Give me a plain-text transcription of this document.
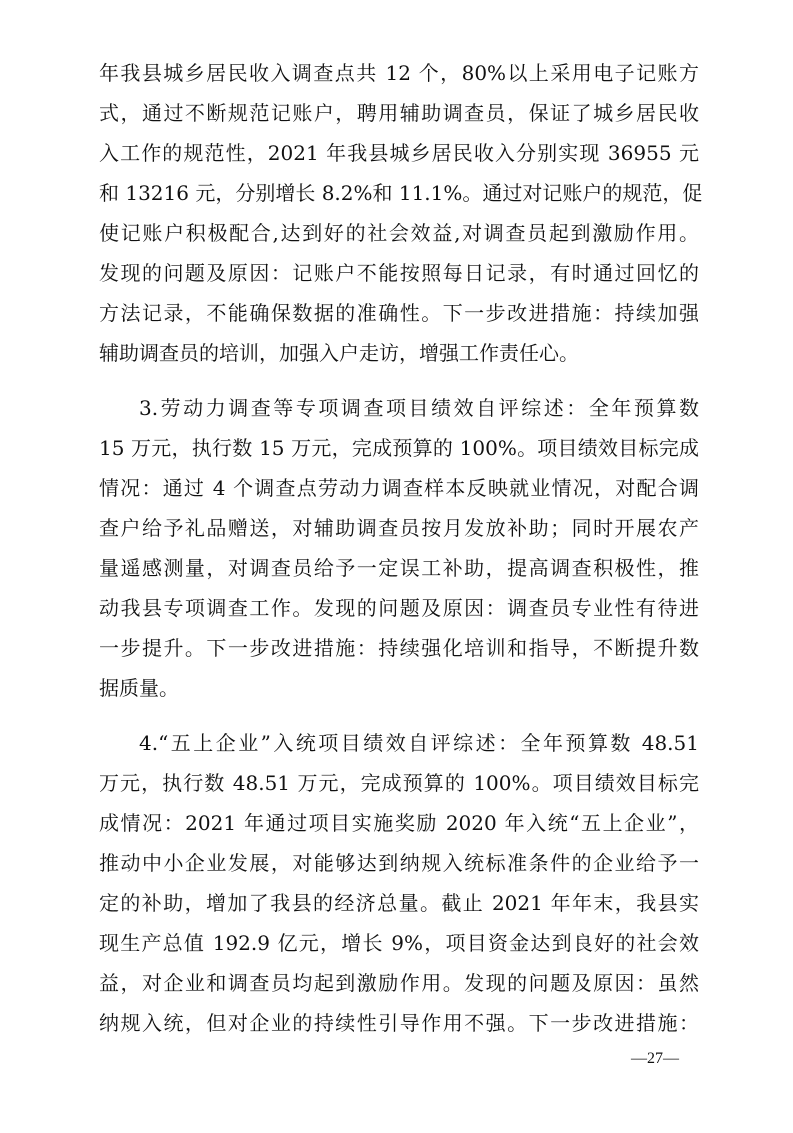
年我县城乡居民收入调查点共 12 个，80%以上采用电子记账方
式，通过不断规范记账户，聘用辅助调查员，保证了城乡居民收
入工作的规范性，2021 年我县城乡居民收入分别实现 36955 元
和 13216 元，分别增长 8.2%和 11.1%。通过对记账户的规范，促
使记账户积极配合,达到好的社会效益,对调查员起到激励作用。
发现的问题及原因：记账户不能按照每日记录，有时通过回忆的
方法记录，不能确保数据的准确性。下一步改进措施：持续加强
辅助调查员的培训，加强入户走访，增强工作责任心。
3.劳动力调查等专项调查项目绩效自评综述：全年预算数
15 万元，执行数 15 万元，完成预算的 100%。项目绩效目标完成
情况：通过 4 个调查点劳动力调查样本反映就业情况，对配合调
查户给予礼品赠送，对辅助调查员按月发放补助；同时开展农产
量遥感测量，对调查员给予一定误工补助，提高调查积极性，推
动我县专项调查工作。发现的问题及原因：调查员专业性有待进
一步提升。下一步改进措施：持续强化培训和指导，不断提升数
据质量。
4.“五上企业”入统项目绩效自评综述：全年预算数 48.51
万元，执行数 48.51 万元，完成预算的 100%。项目绩效目标完
成情况：2021 年通过项目实施奖励 2020 年入统“五上企业”，
推动中小企业发展，对能够达到纳规入统标准条件的企业给予一
定的补助，增加了我县的经济总量。截止 2021 年年末，我县实
现生产总值 192.9 亿元，增长 9%，项目资金达到良好的社会效
益，对企业和调查员均起到激励作用。发现的问题及原因：虽然
纳规入统，但对企业的持续性引导作用不强。下一步改进措施：
—27—
